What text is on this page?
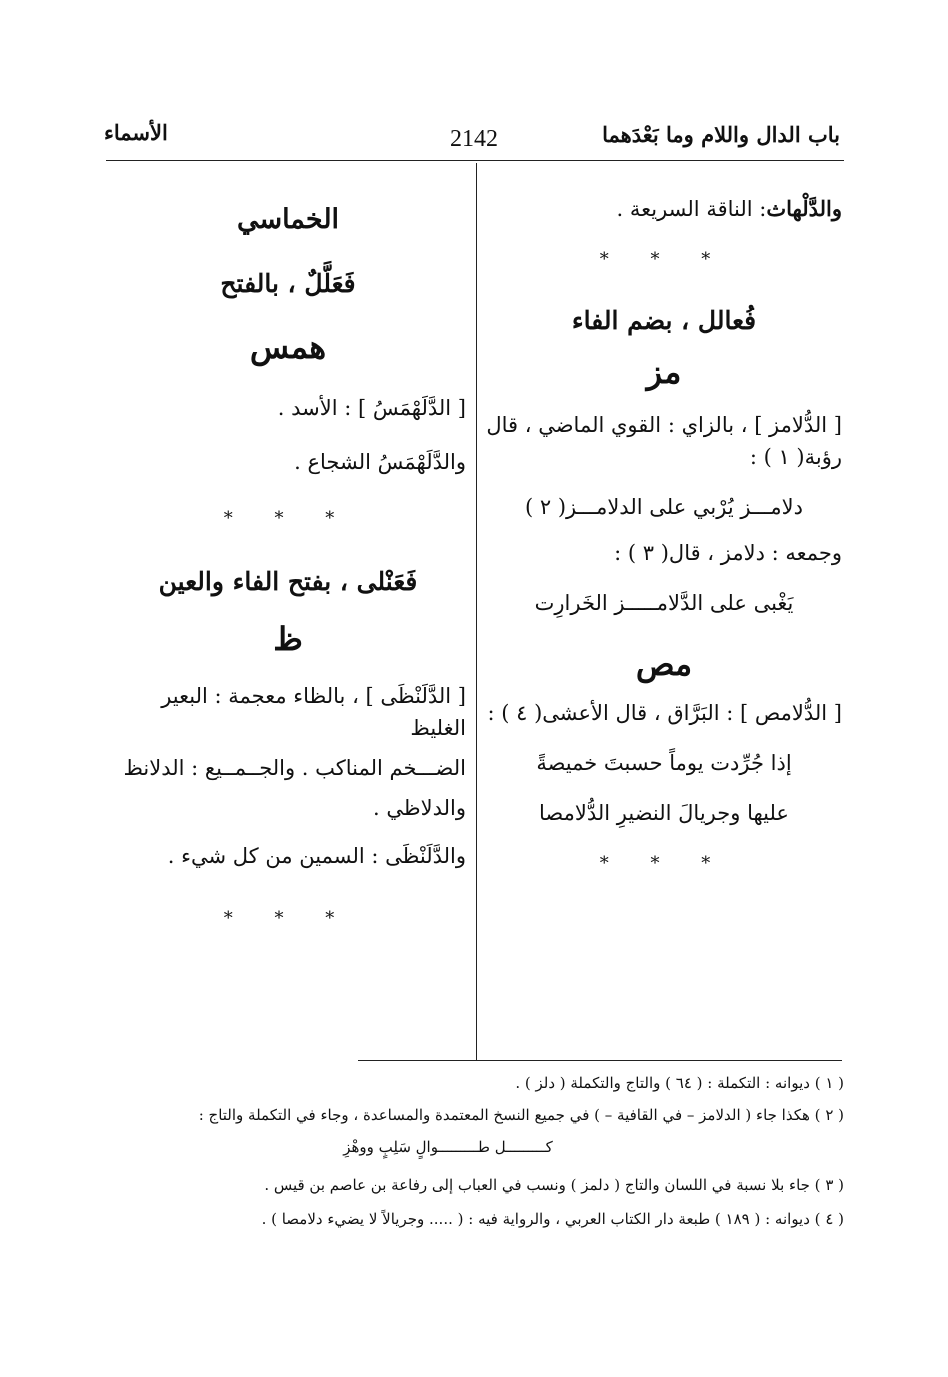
باب الدال واللام وما بَعْدَهما
2142
الأسماء

والدَّلْهاث: الناقة السريعة .

* * *

فُعالل ، بضم الفاء

مز

[ الدُّلامز ] ، بالزاي : القوي الماضي ، قال

رؤبة( ١ ) :

دلامـــز يُرْبي على الدلامـــز( ٢ )

وجمعه : دلامز ، قال( ٣ ) :

يَغْبى على الدَّلامـــــز الخَرارِت

مص

[ الدُّلامص ] : البَرَّاق ، قال الأعشى( ٤ ) :

إذا جُرِّدت يوماً حسبتَ خميصةً

عليها وجريالَ النضيرِ الدُّلامصا

* * *

الخماسي

فَعَلَّلٌ ، بالفتح

همس

[ الدَّلَهْمَسُ ] : الأسد .

والدَّلَهْمَسُ الشجاع .

* * *

فَعَنْلى ، بفتح الفاء والعين

ظ

[ الدَّلَنْظَى ] ، بالظاء معجمة : البعير الغليظ

الضـــخم المناكب . والجــمــيع : الدلانظ

والدلاظي .

والدَّلَنْظَى : السمين من كل شيء .

* * *

( ١ ) ديوانه : التكملة : ( ٦٤ ) والتاج والتكملة ( دلز ) .
( ٢ ) هكذا جاء ( الدلامز – في القافية – ) في جميع النسخ المعتمدة والمساعدة ، وجاء في التكملة والتاج :
كـــــــــل طـــــــــوالٍ سَلِبٍ ووهْزِ
( ٣ ) جاء بلا نسبة في اللسان والتاج ( دلمز ) ونسب في العباب إلى رفاعة بن عاصم بن قيس .
( ٤ ) ديوانه : ( ١٨٩ ) طبعة دار الكتاب العربي ، والرواية فيه : ( ..... وجريالاً لا يضيء دلامصا ) .
